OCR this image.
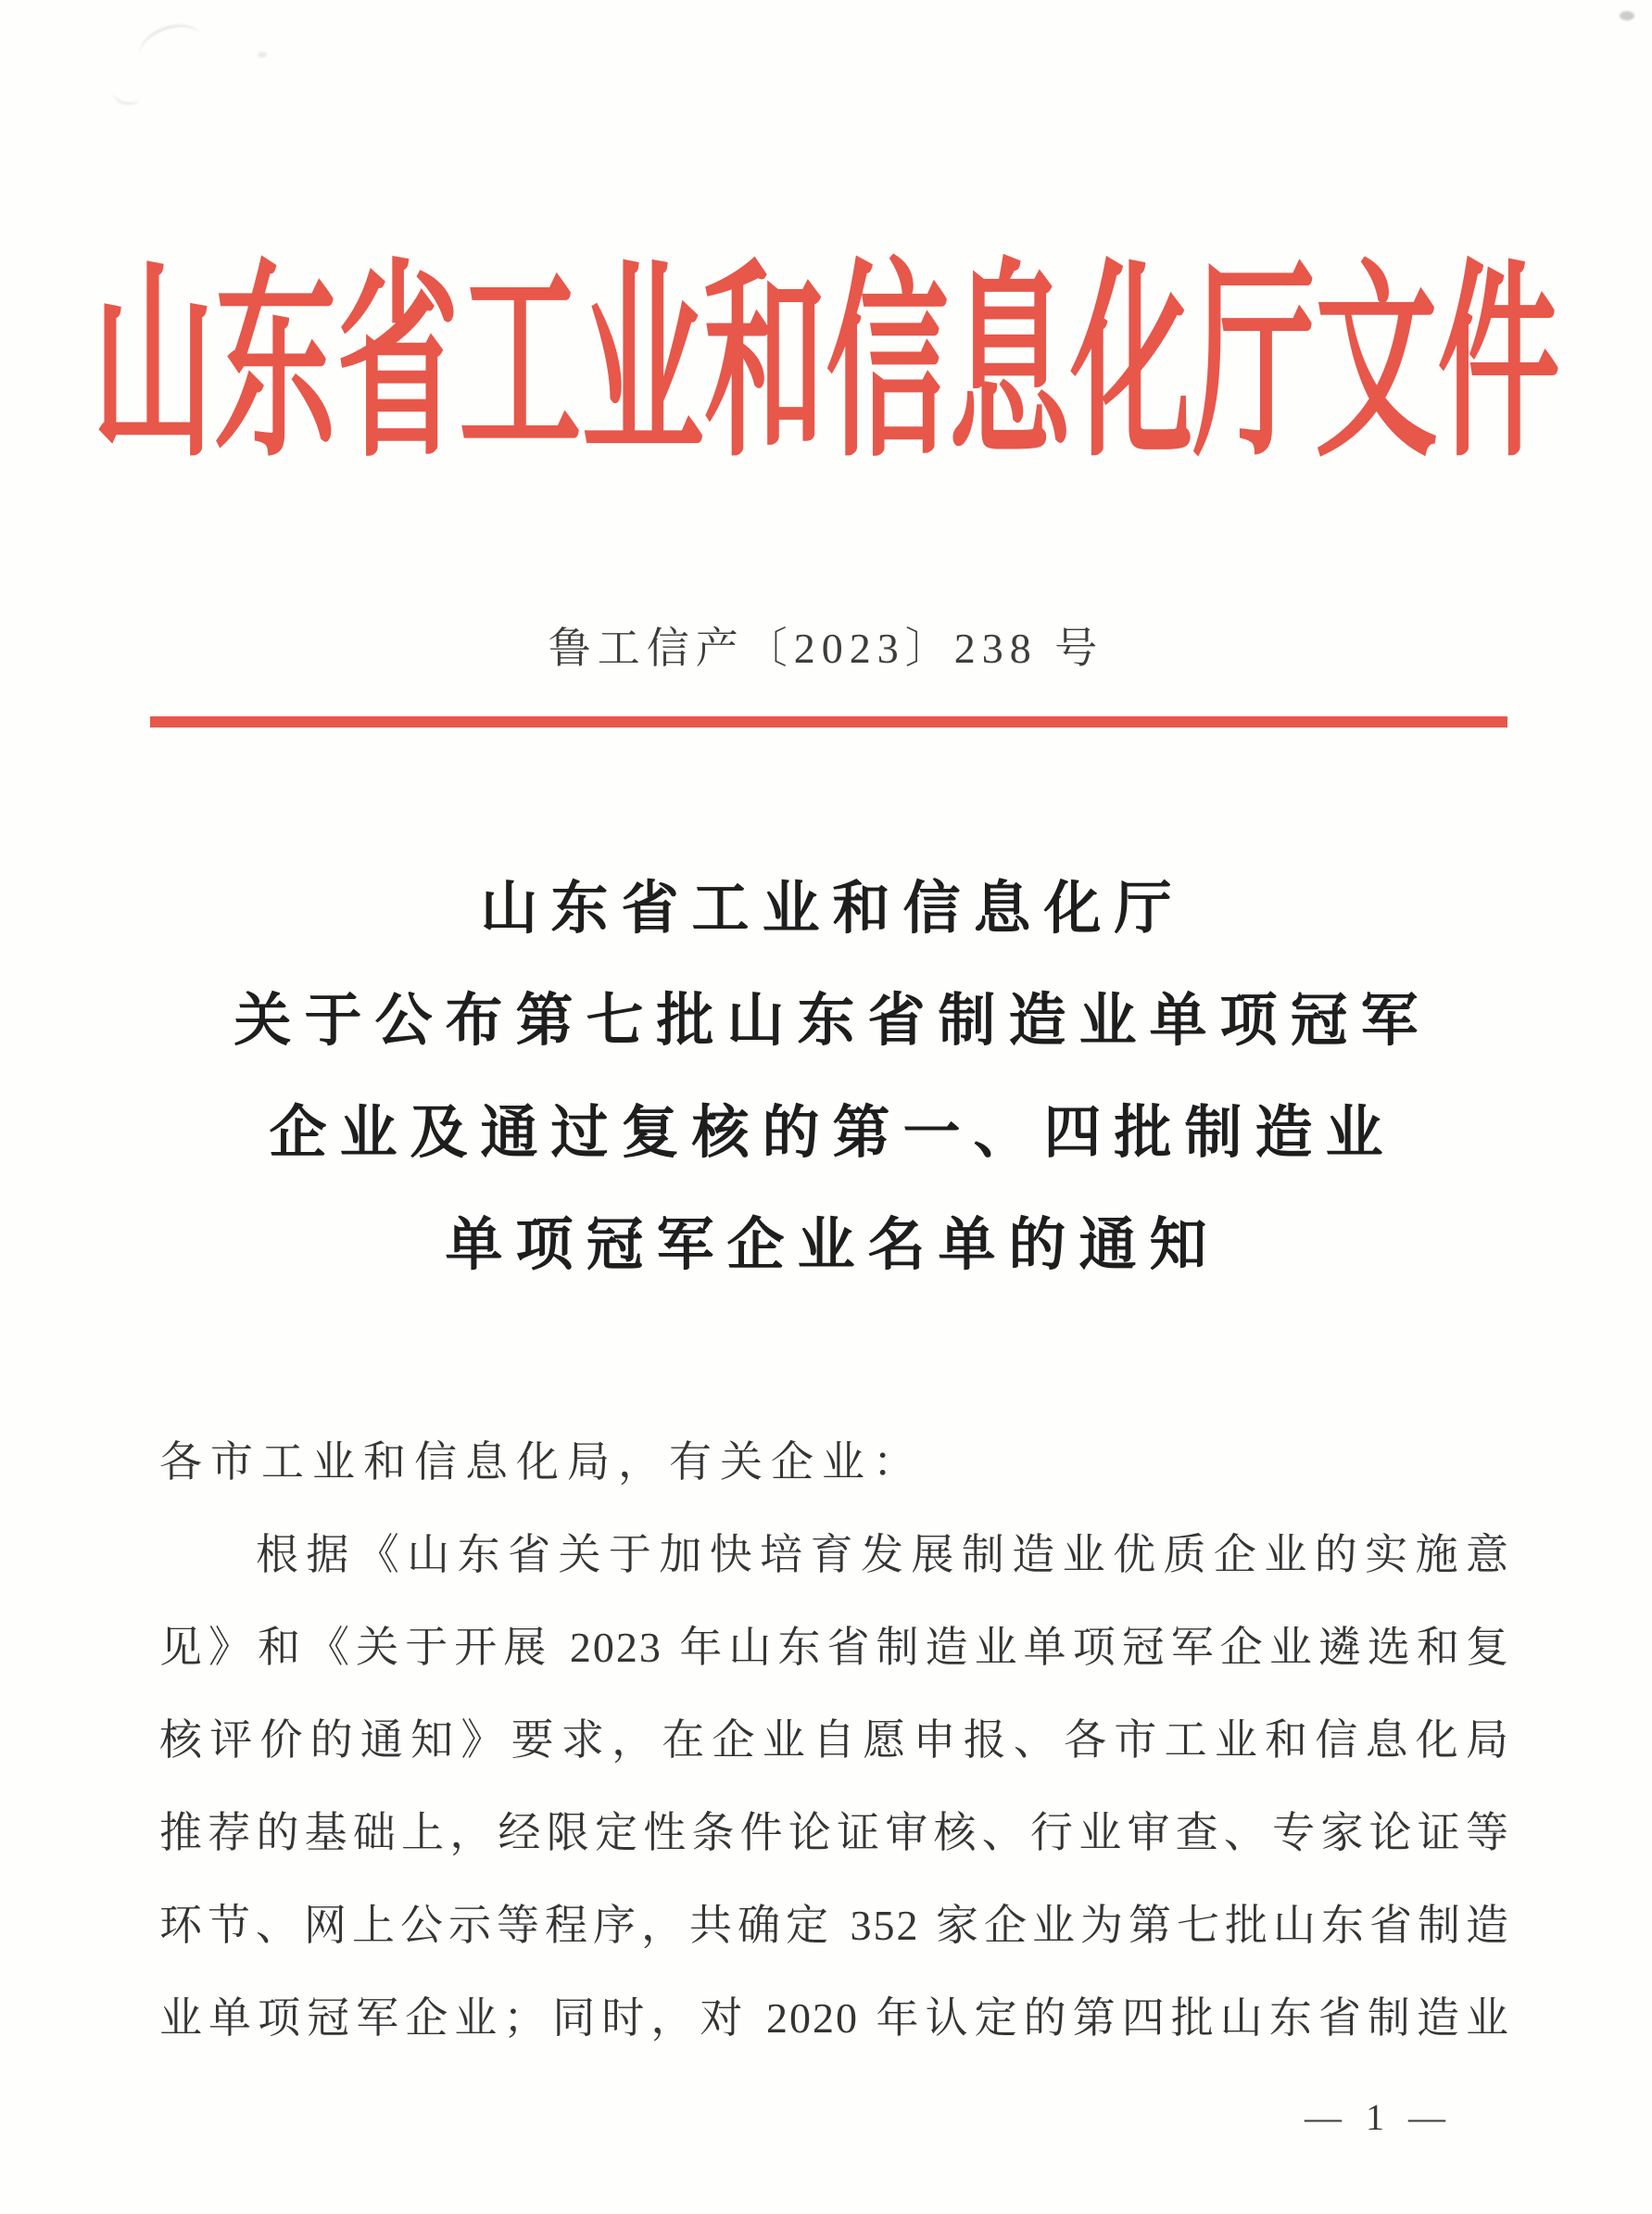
山东省工业和信息化厅文件
鲁工信产〔2023〕238 号
山东省工业和信息化厅
关于公布第七批山东省制造业单项冠军
企业及通过复核的第一、四批制造业
单项冠军企业名单的通知
各市工业和信息化局，有关企业：
根据《山东省关于加快培育发展制造业优质企业的实施意
见》和《关于开展 2023 年山东省制造业单项冠军企业遴选和复
核评价的通知》要求，在企业自愿申报、各市工业和信息化局
推荐的基础上，经限定性条件论证审核、行业审查、专家论证等
环节、网上公示等程序，共确定 352 家企业为第七批山东省制造
业单项冠军企业；同时，对 2020 年认定的第四批山东省制造业
— 1 —
